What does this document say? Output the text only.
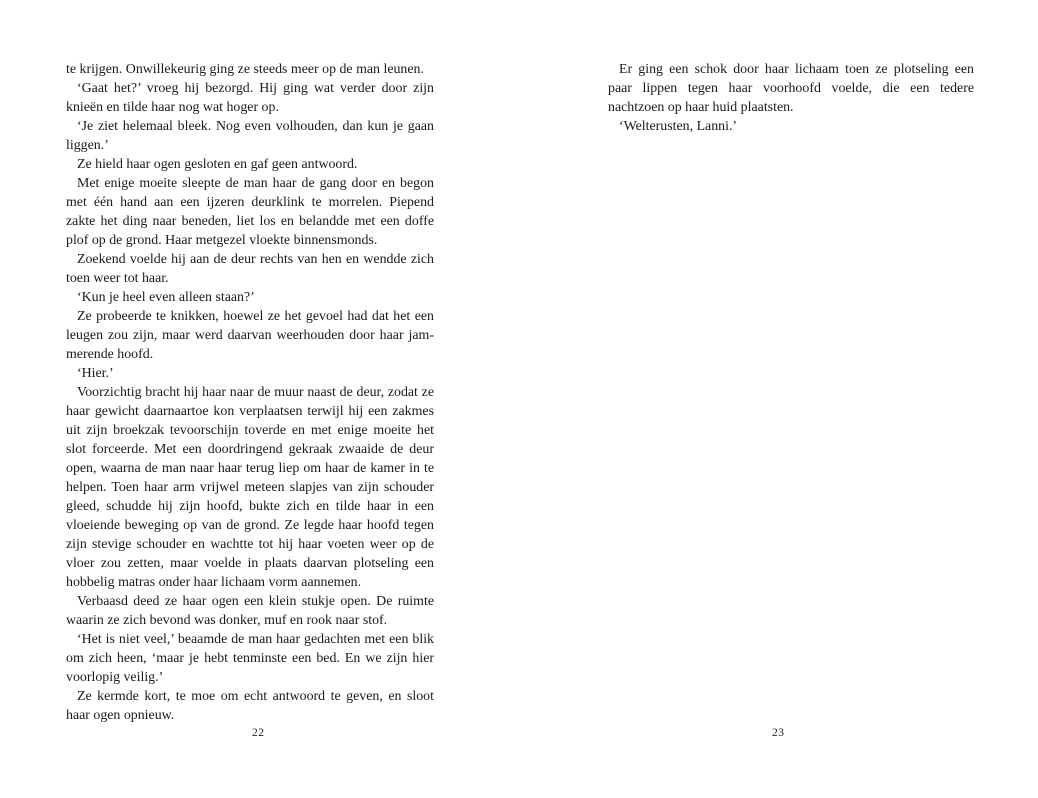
te krijgen. Onwillekeurig ging ze steeds meer op de man leunen.

‘Gaat het?’ vroeg hij bezorgd. Hij ging wat verder door zijn knieën en tilde haar nog wat hoger op.

‘Je ziet helemaal bleek. Nog even volhouden, dan kun je gaan liggen.’

Ze hield haar ogen gesloten en gaf geen antwoord.

Met enige moeite sleepte de man haar de gang door en begon met één hand aan een ijzeren deurklink te morrelen. Piepend zakte het ding naar beneden, liet los en belandde met een doffe plof op de grond. Haar metgezel vloekte binnensmonds.

Zoekend voelde hij aan de deur rechts van hen en wendde zich toen weer tot haar.

‘Kun je heel even alleen staan?’

Ze probeerde te knikken, hoewel ze het gevoel had dat het een leugen zou zijn, maar werd daarvan weerhouden door haar jammerende hoofd.

‘Hier.’

Voorzichtig bracht hij haar naar de muur naast de deur, zodat ze haar gewicht daarnaartoe kon verplaatsen terwijl hij een zakmes uit zijn broekzak tevoorschijn toverde en met enige moeite het slot forceerde. Met een doordringend gekraak zwaaide de deur open, waarna de man naar haar terug liep om haar de kamer in te helpen. Toen haar arm vrijwel meteen slapjes van zijn schouder gleed, schudde hij zijn hoofd, bukte zich en tilde haar in een vloeiende beweging op van de grond. Ze legde haar hoofd tegen zijn stevige schouder en wachtte tot hij haar voeten weer op de vloer zou zetten, maar voelde in plaats daarvan plotseling een hobbelig matras onder haar lichaam vorm aannemen.

Verbaasd deed ze haar ogen een klein stukje open. De ruimte waarin ze zich bevond was donker, muf en rook naar stof.

‘Het is niet veel,’ beaamde de man haar gedachten met een blik om zich heen, ‘maar je hebt tenminste een bed. En we zijn hier voorlopig veilig.’

Ze kermde kort, te moe om echt antwoord te geven, en sloot haar ogen opnieuw.

22

Er ging een schok door haar lichaam toen ze plotseling een paar lippen tegen haar voorhoofd voelde, die een tedere nachtzoen op haar huid plaatsten.

‘Welterusten, Lanni.’

23
